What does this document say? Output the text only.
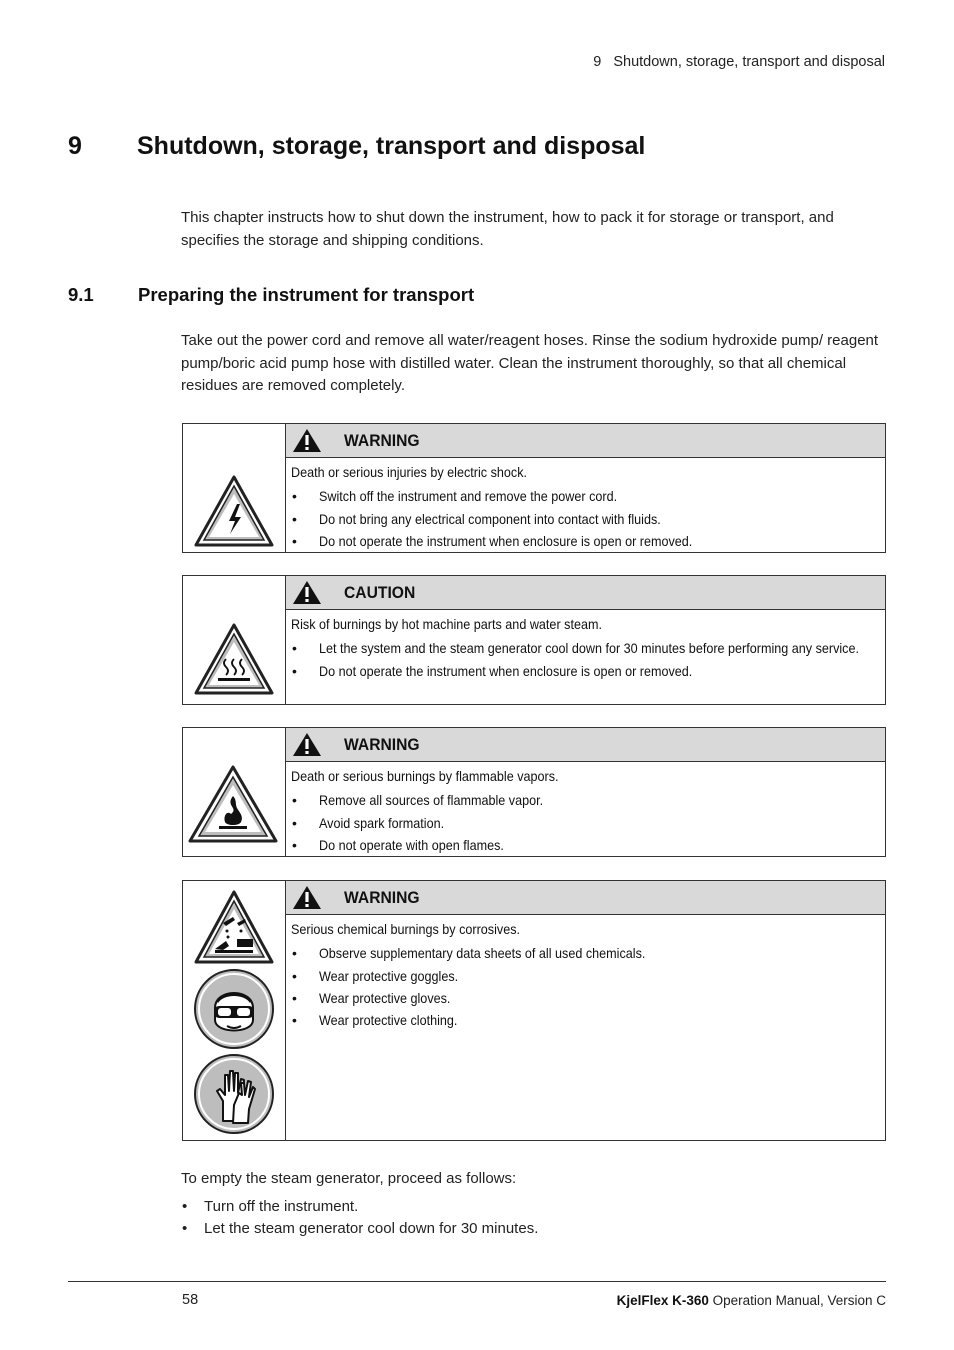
9 Shutdown, storage, transport and disposal
9 Shutdown, storage, transport and disposal
This chapter instructs how to shut down the instrument, how to pack it for storage or transport, and specifies the storage and shipping conditions.
9.1 Preparing the instrument for transport
Take out the power cord and remove all water/reagent hoses. Rinse the sodium hydroxide pump/ reagent pump/boric acid pump hose with distilled water. Clean the instrument thoroughly, so that all chemical residues are removed completely.
WARNING
Death or serious injuries by electric shock.
• Switch off the instrument and remove the power cord.
• Do not bring any electrical component into contact with fluids.
• Do not operate the instrument when enclosure is open or removed.
CAUTION
Risk of burnings by hot machine parts and water steam.
• Let the system and the steam generator cool down for 30 minutes before performing any service.
• Do not operate the instrument when enclosure is open or removed.
WARNING
Death or serious burnings by flammable vapors.
• Remove all sources of flammable vapor.
• Avoid spark formation.
• Do not operate with open flames.
WARNING
Serious chemical burnings by corrosives.
• Observe supplementary data sheets of all used chemicals.
• Wear protective goggles.
• Wear protective gloves.
• Wear protective clothing.
To empty the steam generator, proceed as follows:
• Turn off the instrument.
• Let the steam generator cool down for 30 minutes.
58	KjelFlex K-360 Operation Manual, Version C
